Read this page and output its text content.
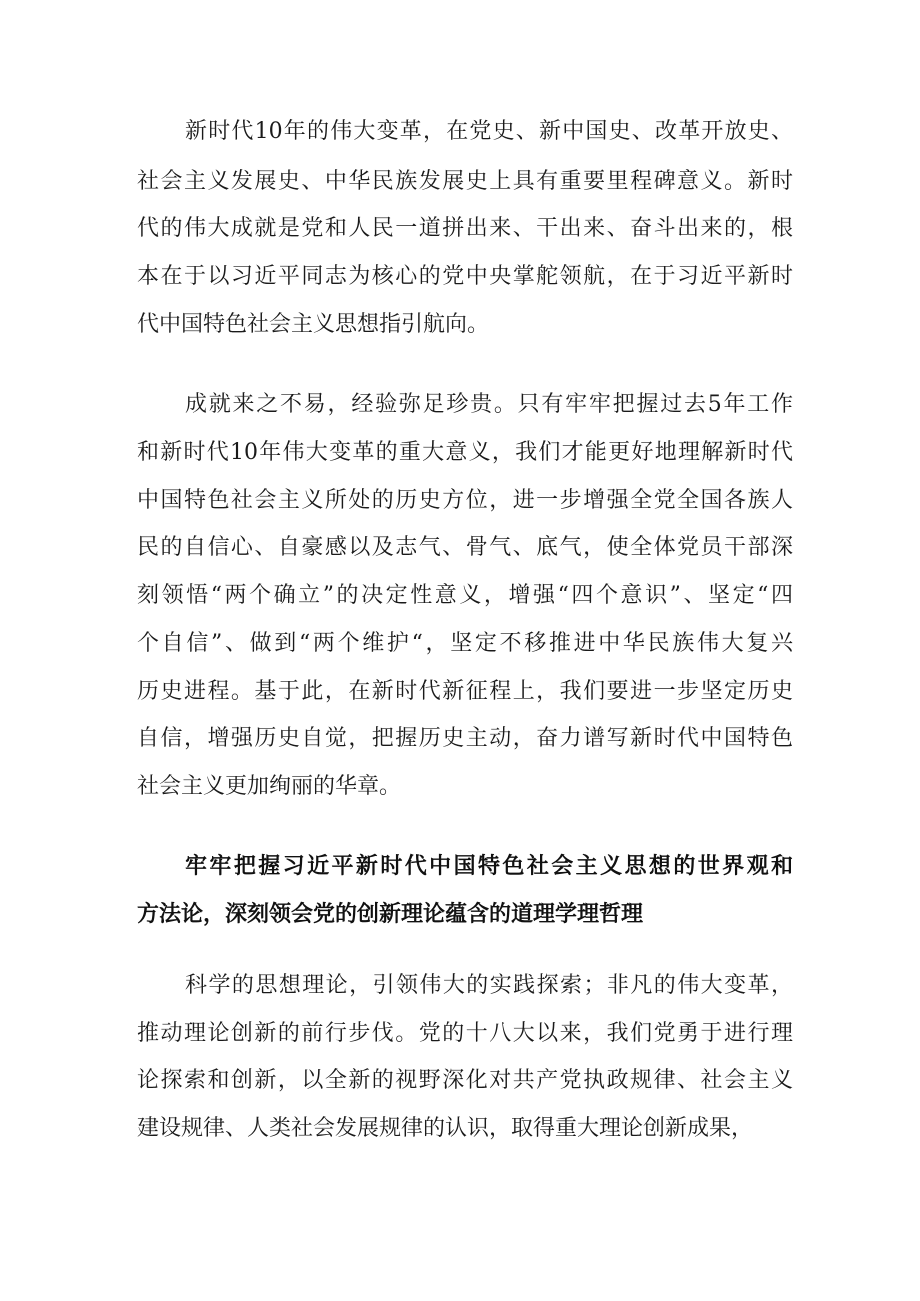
新时代10年的伟大变革，在党史、新中国史、改革开放史、
社会主义发展史、中华民族发展史上具有重要里程碑意义。新时
代的伟大成就是党和人民一道拼出来、干出来、奋斗出来的，根
本在于以习近平同志为核心的党中央掌舵领航，在于习近平新时
代中国特色社会主义思想指引航向。
成就来之不易，经验弥足珍贵。只有牢牢把握过去5年工作
和新时代10年伟大变革的重大意义，我们才能更好地理解新时代
中国特色社会主义所处的历史方位，进一步增强全党全国各族人
民的自信心、自豪感以及志气、骨气、底气，使全体党员干部深
刻领悟“两个确立”的决定性意义，增强“四个意识”、坚定“四
个自信”、做到“两个维护“，坚定不移推进中华民族伟大复兴
历史进程。基于此，在新时代新征程上，我们要进一步坚定历史
自信，增强历史自觉，把握历史主动，奋力谱写新时代中国特色
社会主义更加绚丽的华章。
牢牢把握习近平新时代中国特色社会主义思想的世界观和
方法论，深刻领会党的创新理论蕴含的道理学理哲理
科学的思想理论，引领伟大的实践探索；非凡的伟大变革，
推动理论创新的前行步伐。党的十八大以来，我们党勇于进行理
论探索和创新，以全新的视野深化对共产党执政规律、社会主义
建设规律、人类社会发展规律的认识，取得重大理论创新成果，
